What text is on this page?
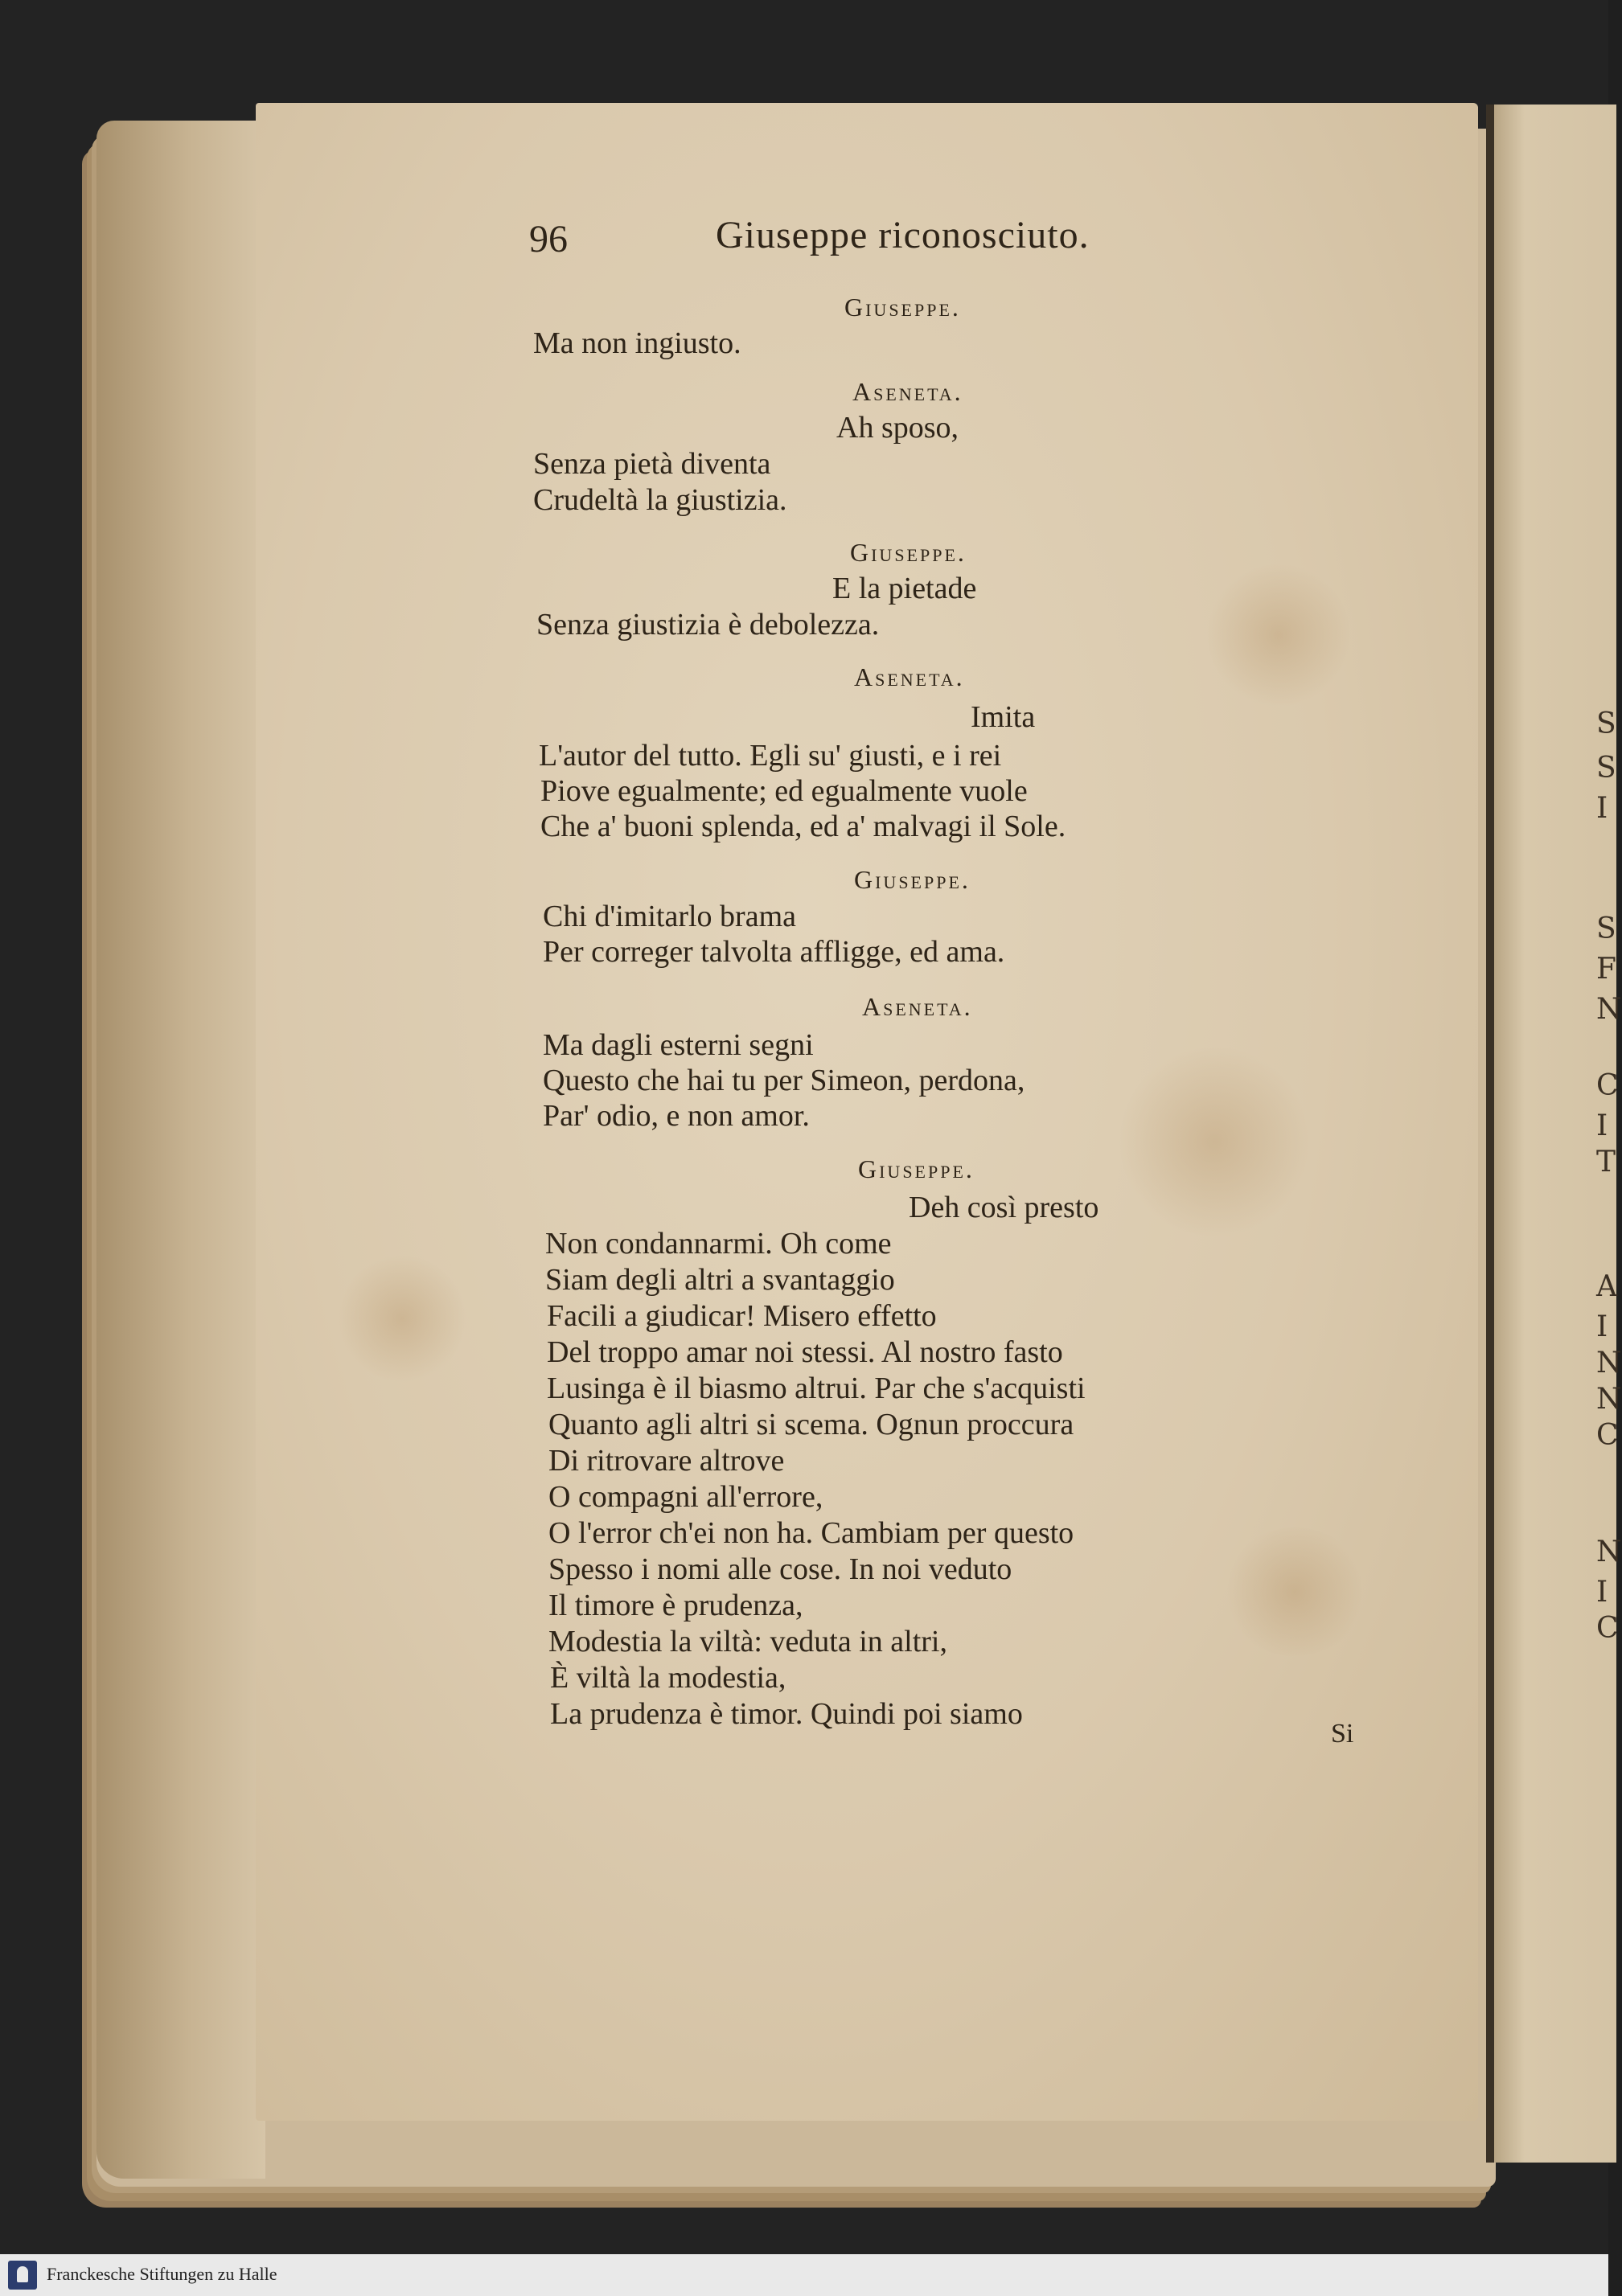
S
S
I
S
F
N
C
I
T
A
I
N
N
C
N
I
C
96	Giuseppe riconosciuto.
Giuseppe.
Ma non ingiusto.
Aseneta.
Ah sposo,
Senza pietà diventa
Crudeltà la giustizia.
Giuseppe.
E la pietade
Senza giustizia è debolezza.
Aseneta.
Imita
L'autor del tutto. Egli su' giusti, e i rei
Piove egualmente; ed egualmente vuole
Che a' buoni splenda, ed a' malvagi il Sole.
Giuseppe.
Chi d'imitarlo brama
Per correger talvolta affligge, ed ama.
Aseneta.
Ma dagli esterni segni
Questo che hai tu per Simeon, perdona,
Par' odio, e non amor.
Giuseppe.
Deh così presto
Non condannarmi. Oh come
Siam degli altri a svantaggio
Facili a giudicar! Misero effetto
Del troppo amar noi stessi. Al nostro fasto
Lusinga è il biasmo altrui. Par che s'acquisti
Quanto agli altri si scema. Ognun proccura
Di ritrovare altrove
O compagni all'errore,
O l'error ch'ei non ha. Cambiam per questo
Spesso i nomi alle cose. In noi veduto
Il timore è prudenza,
Modestia la viltà: veduta in altri,
È viltà la modestia,
La prudenza è timor. Quindi poi siamo
Si
Franckesche Stiftungen zu Halle
